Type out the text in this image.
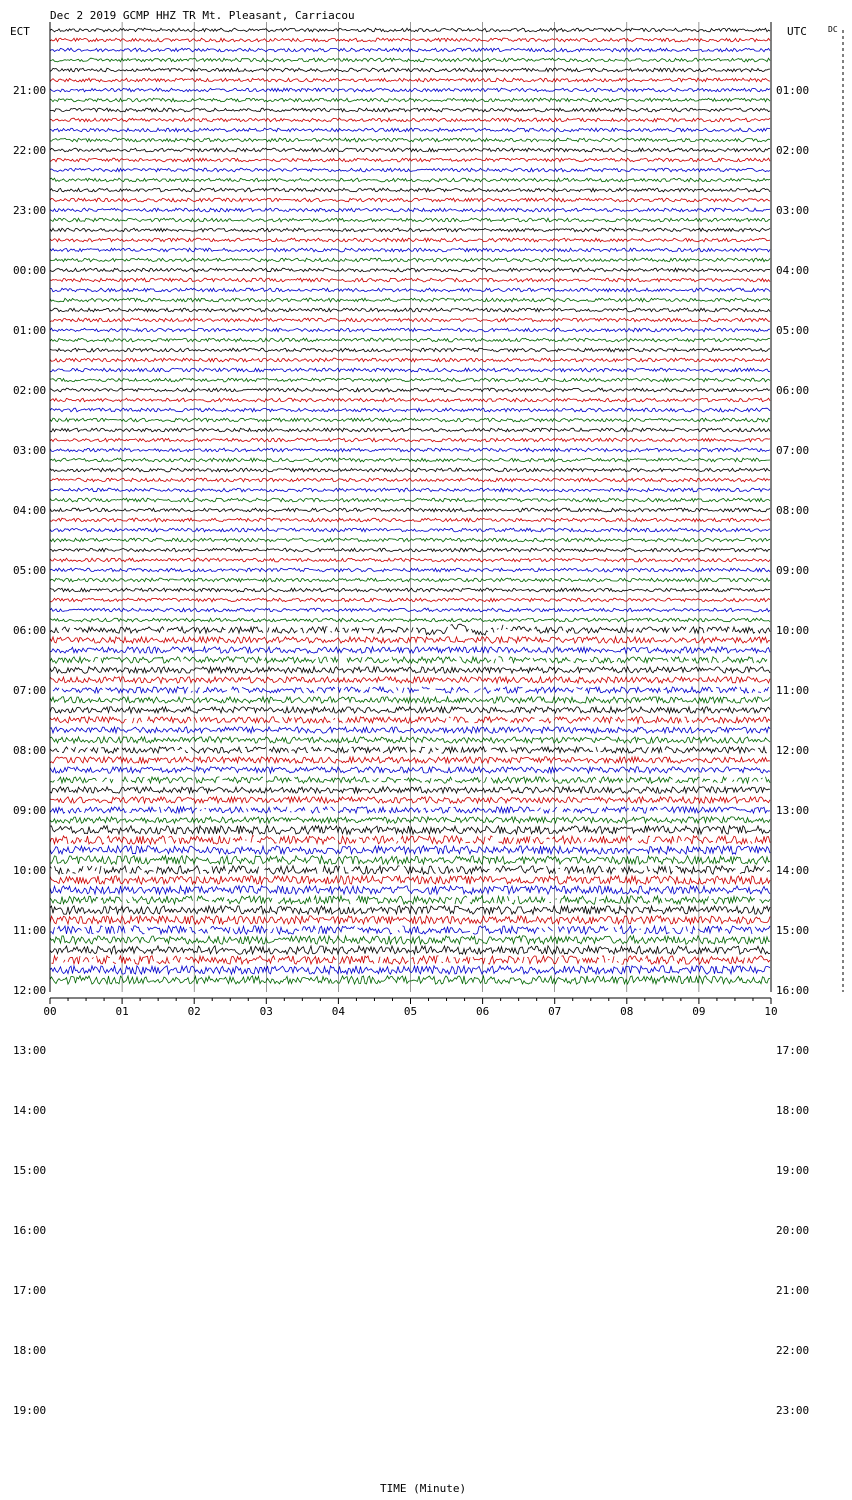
Dec 2 2019 GCMP HHZ TR Mt. Pleasant, Carriacou
ECT	UTC	DC
TIME (Minute)
00	01	02	03	04	05	06	07	08	09	10
21:00
22:00
23:00
00:00
01:00
02:00
03:00
04:00
05:00
06:00
07:00
08:00
09:00
10:00
11:00
12:00
13:00
14:00
15:00
16:00
17:00
18:00
19:00
01:00
02:00
03:00
04:00
05:00
06:00
07:00
08:00
09:00
10:00
11:00
12:00
13:00
14:00
15:00
16:00
17:00
18:00
19:00
20:00
21:00
22:00
23:00
